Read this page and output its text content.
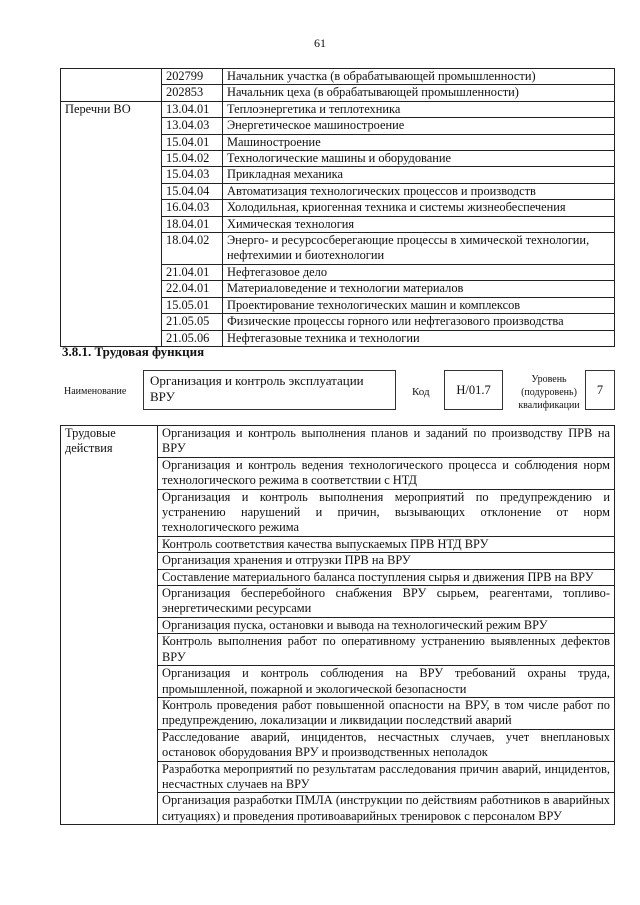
61
	202799	Начальник участка (в обрабатывающей промышленности)
	202853	Начальник цеха (в обрабатывающей промышленности)
Перечни ВО	13.04.01	Теплоэнергетика и теплотехника
	13.04.03	Энергетическое машиностроение
	15.04.01	Машиностроение
	15.04.02	Технологические машины и оборудование
	15.04.03	Прикладная механика
	15.04.04	Автоматизация технологических процессов и производств
	16.04.03	Холодильная, криогенная техника и системы жизнеобеспечения
	18.04.01	Химическая технология
	18.04.02	Энерго- и ресурсосберегающие процессы в химической технологии, нефтехимии и биотехнологии
	21.04.01	Нефтегазовое дело
	22.04.01	Материаловедение и технологии материалов
	15.05.01	Проектирование технологических машин и комплексов
	21.05.05	Физические процессы горного или нефтегазового производства
	21.05.06	Нефтегазовые техника и технологии
3.8.1. Трудовая функция
Наименование
Организация и контроль эксплуатации ВРУ	Код	H/01.7
Уровень
(подуровень)
квалификации
7
Трудовые действия	Организация и контроль выполнения планов и заданий по производству ПРВ на ВРУ
Организация и контроль ведения технологического процесса и соблюдения норм технологического режима в соответствии с НТД
Организация и контроль выполнения мероприятий по предупреждению и устранению нарушений и причин, вызывающих отклонение от норм технологического режима
Контроль соответствия качества выпускаемых ПРВ НТД ВРУ
Организация хранения и отгрузки ПРВ на ВРУ
Составление материального баланса поступления сырья и движения ПРВ на ВРУ
Организация бесперебойного снабжения ВРУ сырьем, реагентами, топливо-энергетическими ресурсами
Организация пуска, остановки и вывода на технологический режим ВРУ
Контроль выполнения работ по оперативному устранению выявленных дефектов ВРУ
Организация и контроль соблюдения на ВРУ требований охраны труда, промышленной, пожарной и экологической безопасности
Контроль проведения работ повышенной опасности на ВРУ, в том числе работ по предупреждению, локализации и ликвидации последствий аварий
Расследование аварий, инцидентов, несчастных случаев, учет внеплановых остановок оборудования ВРУ и производственных неполадок
Разработка мероприятий по результатам расследования причин аварий, инцидентов, несчастных случаев на ВРУ
Организация разработки ПМЛА (инструкции по действиям работников в аварийных ситуациях) и проведения противоаварийных тренировок с персоналом ВРУ
